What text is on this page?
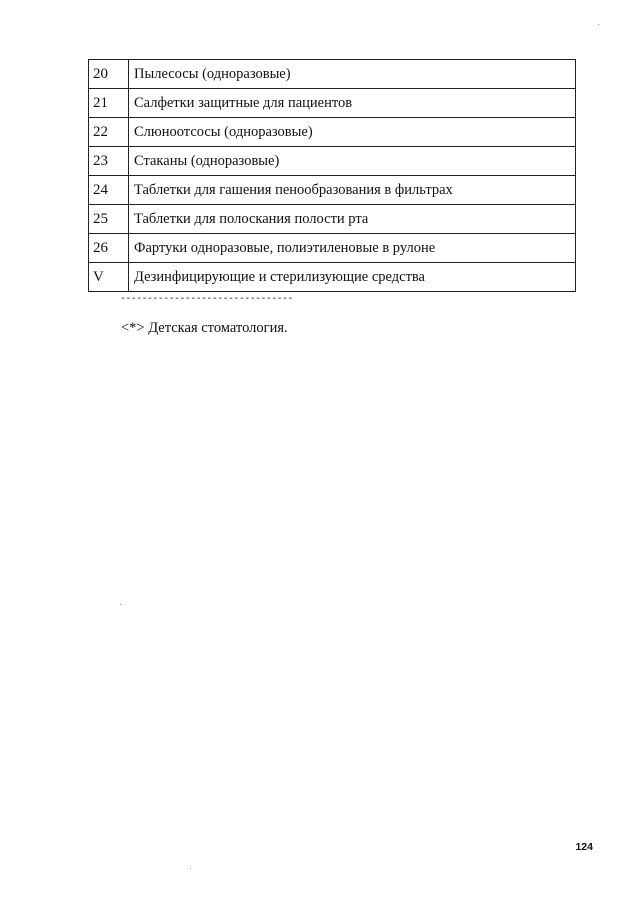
20	Пылесосы (одноразовые)
21	Салфетки защитные для пациентов
22	Слюноотсосы (одноразовые)
23	Стаканы (одноразовые)
24	Таблетки для гашения пенообразования в фильтрах
25	Таблетки для полоскания полости рта
26	Фартуки одноразовые, полиэтиленовые в рулоне
V	Дезинфицирующие и стерилизующие средства
--------------------------------
<*> Детская стоматология.
124
